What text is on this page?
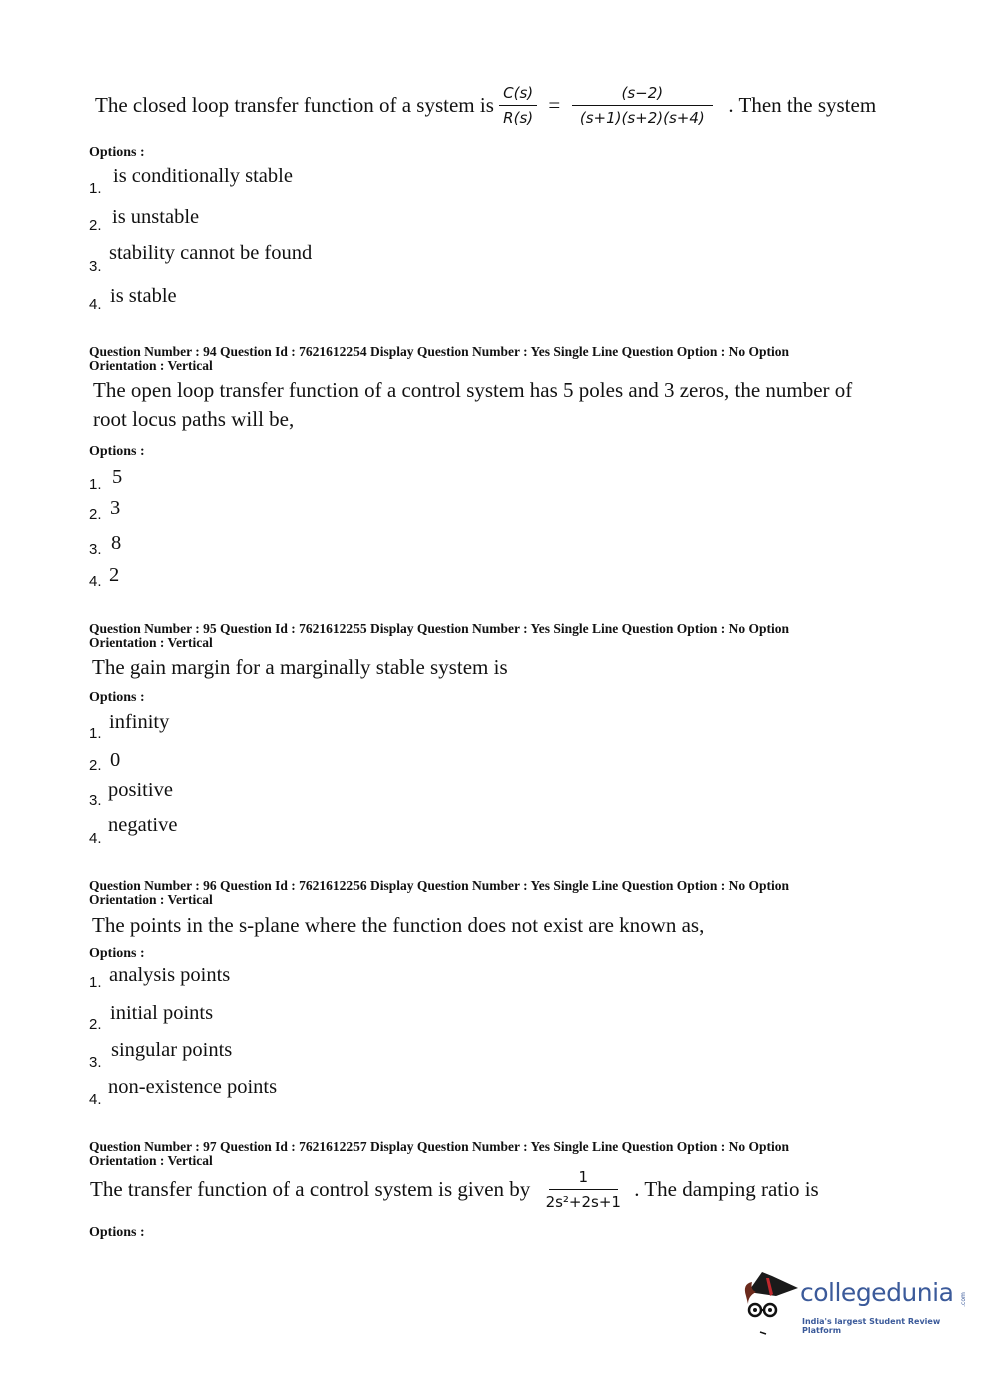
The closed loop transfer function of a system is $\frac{C(s)}{R(s)} = \frac{(s-2)}{(s+1)(s+2)(s+4)}$ . Then the system
Options :
1.
is conditionally stable
2. is unstable
3.
stability cannot be found
4. is stable
Question Number : 94 Question Id : 7621612254 Display Question Number : Yes Single Line Question Option : No Option
Orientation : Vertical
The open loop transfer function of a control system has 5 poles and 3 zeros, the number of
root locus paths will be,
Options :
1. 5
2. 3
3. 8
4. 2
Question Number : 95 Question Id : 7621612255 Display Question Number : Yes Single Line Question Option : No Option
Orientation : Vertical
The gain margin for a marginally stable system is
Options :
1.
infinity
2. 0
3. positive
4.
negative
Question Number : 96 Question Id : 7621612256 Display Question Number : Yes Single Line Question Option : No Option
Orientation : Vertical
The points in the s-plane where the function does not exist are known as,
Options :
1. analysis points
2.
initial points
3.
singular points
4.
non-existence points
Question Number : 97 Question Id : 7621612257 Display Question Number : Yes Single Line Question Option : No Option
Orientation : Vertical
The transfer function of a control system is given by $\frac{1}{\text{2s²+2s+1}}$ . The damping ratio is
Options :
collegedunia .com
India's largest Student Review Platform
